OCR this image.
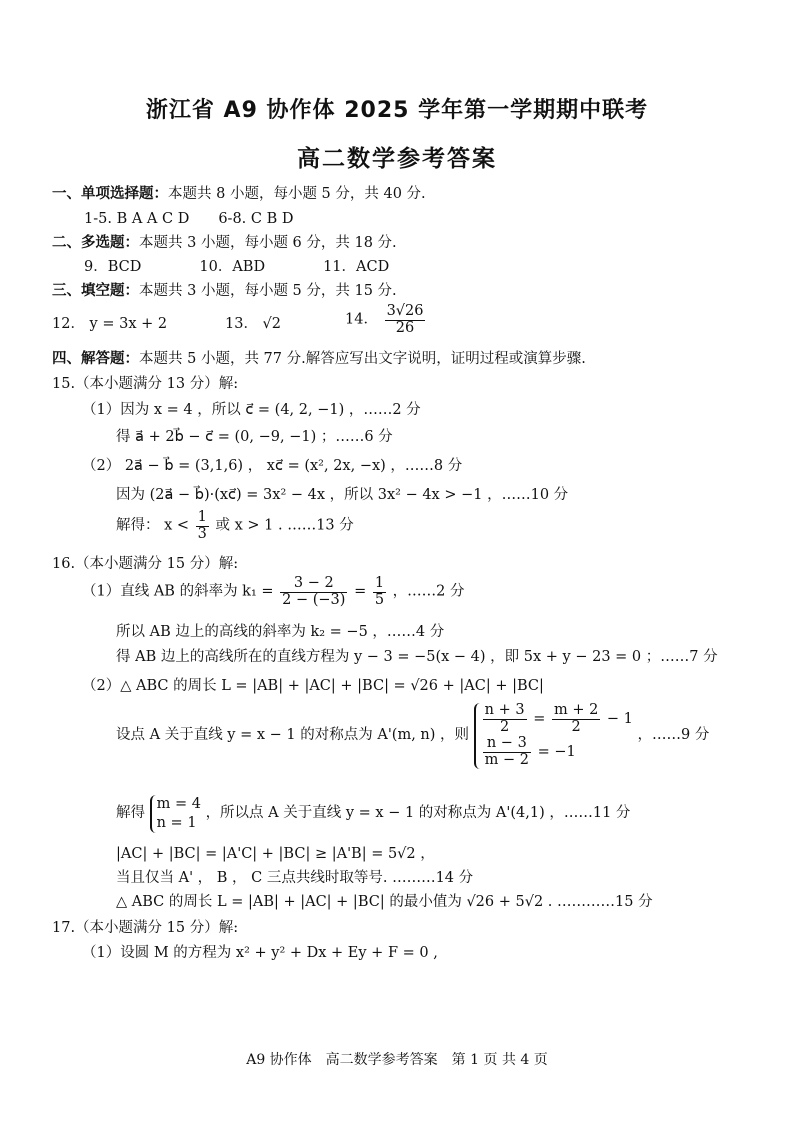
浙江省 A9 协作体 2025 学年第一学期期中联考
高二数学参考答案
一、单项选择题：本题共 8 小题，每小题 5 分，共 40 分.
1-5. B A A C D　　6-8. C B D
二、多选题：本题共 3 小题，每小题 6 分，共 18 分.
9．BCD　　　　10．ABD　　　　11．ACD
三、填空题：本题共 3 小题，每小题 5 分，共 15 分.
12． y = 3x + 2	13． √2	14． $\frac{3√26}{26}$
四、解答题：本题共 5 小题，共 77 分.解答应写出文字说明，证明过程或演算步骤.
15.（本小题满分 13 分）解:
（1）因为 x = 4 ，所以 c⃗ = (4, 2, −1) ，……2 分
得 a⃗ + 2b⃗ − c⃗ = (0, −9, −1) ；……6 分
（2） 2a⃗ − b⃗ = (3,1,6) ， xc⃗ = (x², 2x, −x) ，……8 分
因为 (2a⃗ − b⃗)·(xc⃗) = 3x² − 4x ，所以 3x² − 4x > −1 ，……10 分
解得： $x < \frac{1}{3}$ 或 x > 1 . ……13 分
16.（本小题满分 15 分）解:
（1）直线 AB 的斜率为 $k_1 = \frac{3 - 2}{2 - (-3)} = \frac{1}{5}$ ，……2 分
所以 AB 边上的高线的斜率为 k₂ = −5 ，……4 分
得 AB 边上的高线所在的直线方程为 y − 3 = −5(x − 4) ，即 5x + y − 23 = 0 ；……7 分
（2）△ ABC 的周长 L = |AB| + |AC| + |BC| = √26 + |AC| + |BC|
设点 A 关于直线 y = x − 1 的对称点为 A'(m, n) ，则 $\frac{n + 3}{2} = \frac{m + 2}{2} - 1$
$\frac{n - 3}{m - 2} = -1$
，……9 分
解得
m = 4
n = 1
，所以点 A 关于直线 y = x − 1 的对称点为 A'(4,1) ，……11 分
|AC| + |BC| = |A'C| + |BC| ≥ |A'B| = 5√2 ，
当且仅当 A' ， B ， C 三点共线时取等号. ………14 分
△ ABC 的周长 L = |AB| + |AC| + |BC| 的最小值为 √26 + 5√2 . …………15 分
17.（本小题满分 15 分）解:
（1）设圆 M 的方程为 x² + y² + Dx + Ey + F = 0 ,
A9 协作体　高二数学参考答案　第 1 页 共 4 页
